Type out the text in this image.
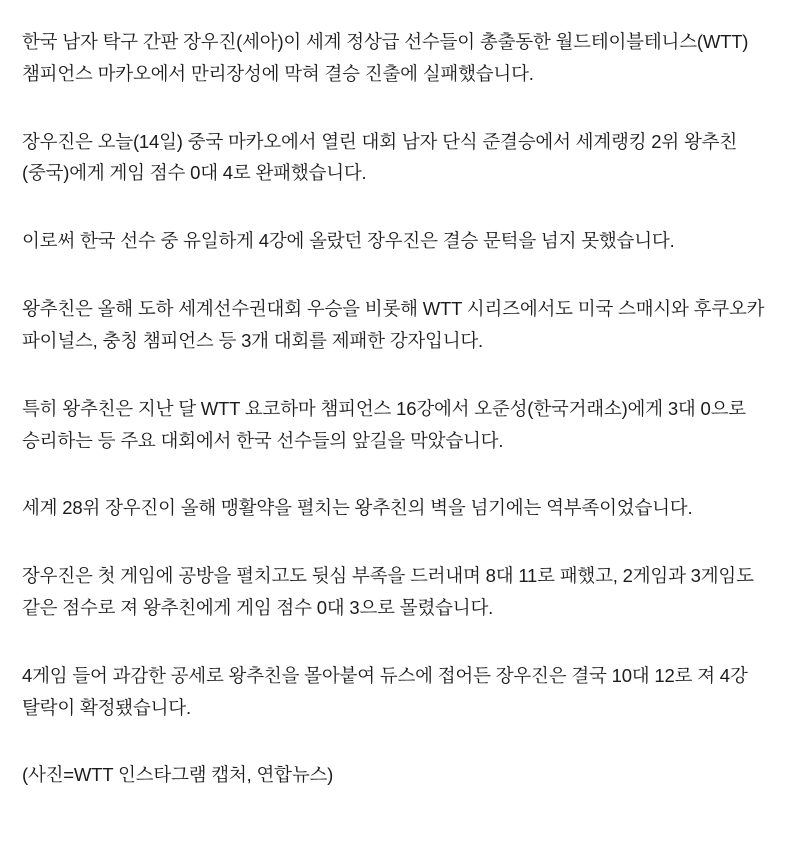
한국 남자 탁구 간판 장우진(세아)이 세계 정상급 선수들이 총출동한 월드테이블테니스(WTT) 챔피언스 마카오에서 만리장성에 막혀 결승 진출에 실패했습니다.

장우진은 오늘(14일) 중국 마카오에서 열린 대회 남자 단식 준결승에서 세계랭킹 2위 왕추친(중국)에게 게임 점수 0대 4로 완패했습니다.

이로써 한국 선수 중 유일하게 4강에 올랐던 장우진은 결승 문턱을 넘지 못했습니다.

왕추친은 올해 도하 세계선수권대회 우승을 비롯해 WTT 시리즈에서도 미국 스매시와 후쿠오카 파이널스, 충칭 챔피언스 등 3개 대회를 제패한 강자입니다.

특히 왕추친은 지난 달 WTT 요코하마 챔피언스 16강에서 오준성(한국거래소)에게 3대 0으로 승리하는 등 주요 대회에서 한국 선수들의 앞길을 막았습니다.

세계 28위 장우진이 올해 맹활약을 펼치는 왕추친의 벽을 넘기에는 역부족이었습니다.

장우진은 첫 게임에 공방을 펼치고도 뒷심 부족을 드러내며 8대 11로 패했고, 2게임과 3게임도 같은 점수로 져 왕추친에게 게임 점수 0대 3으로 몰렸습니다.

4게임 들어 과감한 공세로 왕추친을 몰아붙여 듀스에 접어든 장우진은 결국 10대 12로 져 4강 탈락이 확정됐습니다.

(사진=WTT 인스타그램 캡처, 연합뉴스)
